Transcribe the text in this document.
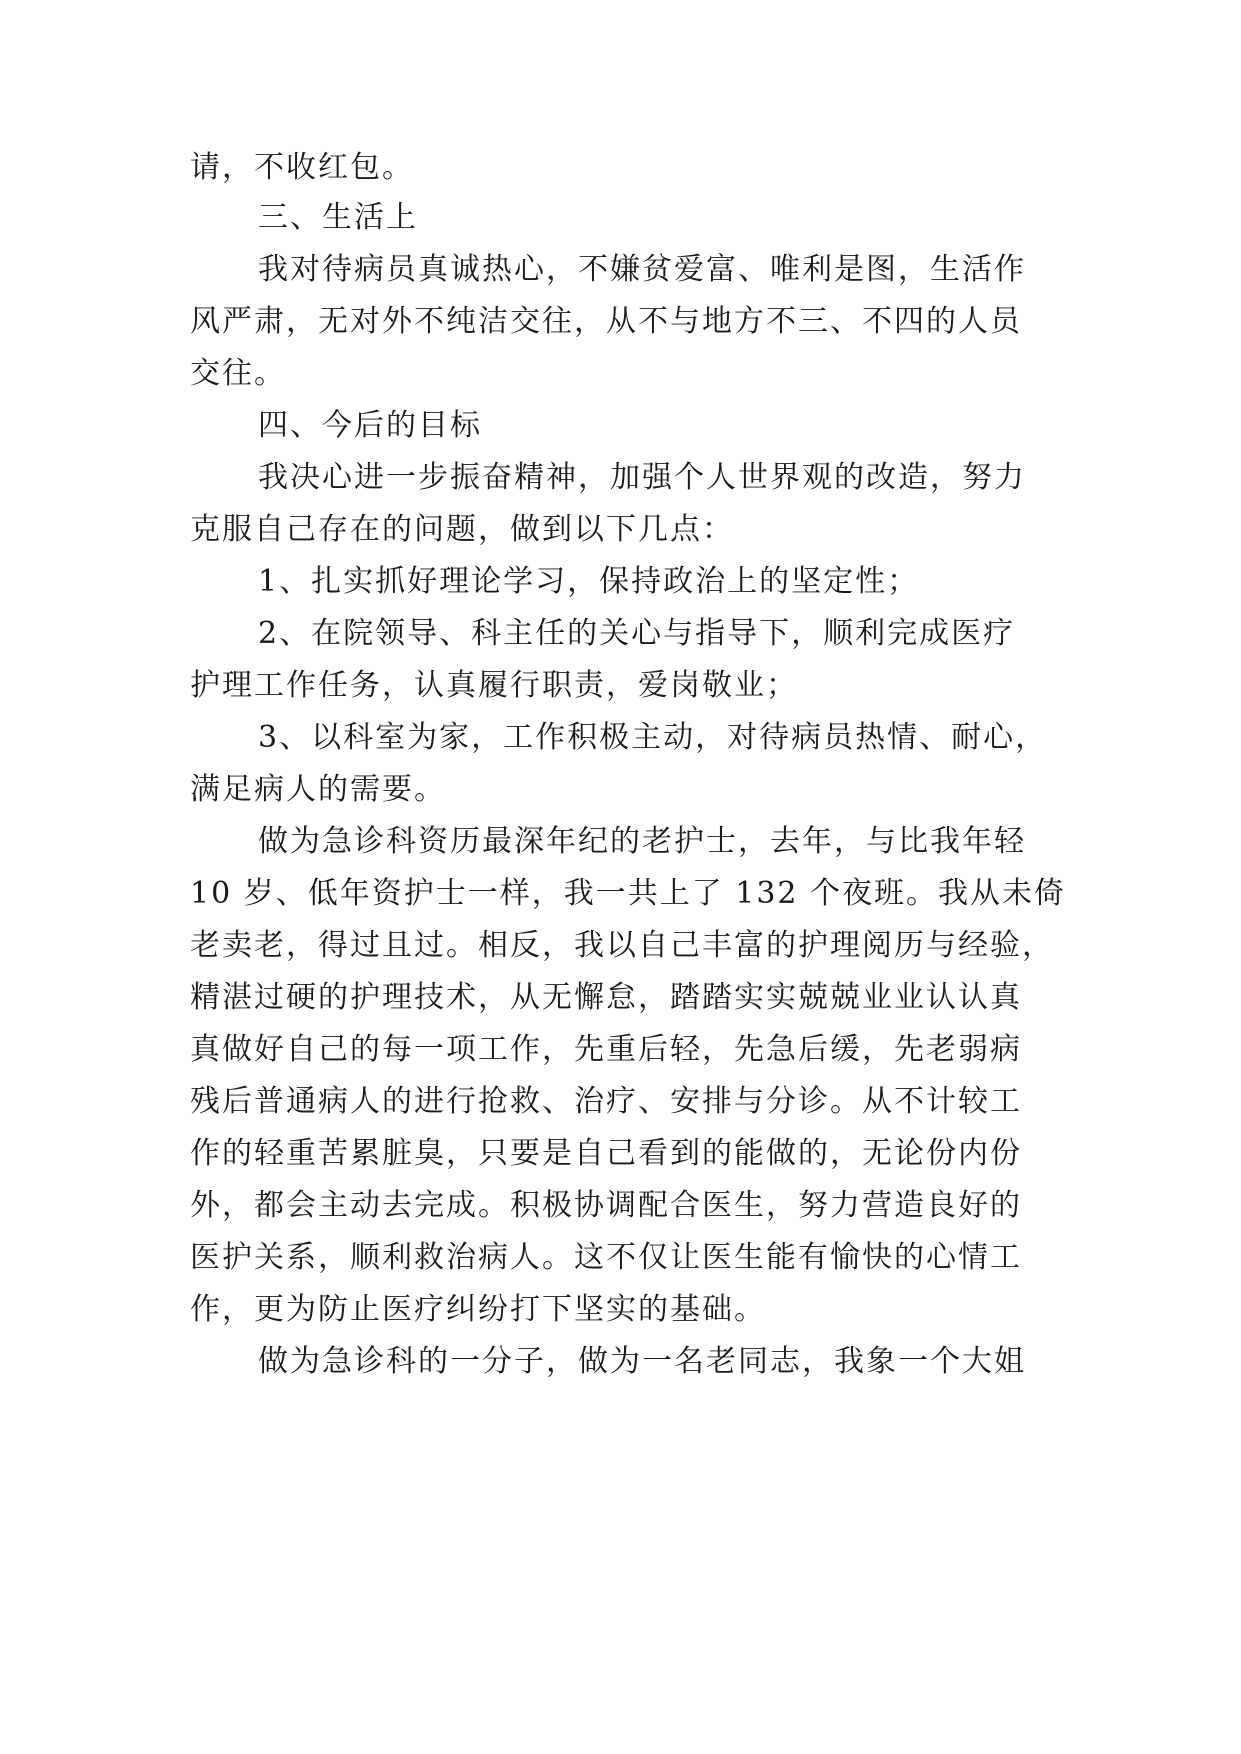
请，不收红包。
三、生活上
我对待病员真诚热心，不嫌贫爱富、唯利是图，生活作
风严肃，无对外不纯洁交往，从不与地方不三、不四的人员
交往。
四、今后的目标
我决心进一步振奋精神，加强个人世界观的改造，努力
克服自己存在的问题，做到以下几点：
1、扎实抓好理论学习，保持政治上的坚定性；
2、在院领导、科主任的关心与指导下，顺利完成医疗
护理工作任务，认真履行职责，爱岗敬业；
3、以科室为家，工作积极主动，对待病员热情、耐心，
满足病人的需要。
做为急诊科资历最深年纪的老护士，去年，与比我年轻
10 岁、低年资护士一样，我一共上了 132 个夜班。我从未倚
老卖老，得过且过。相反，我以自己丰富的护理阅历与经验，
精湛过硬的护理技术，从无懈怠，踏踏实实兢兢业业认认真
真做好自己的每一项工作，先重后轻，先急后缓，先老弱病
残后普通病人的进行抢救、治疗、安排与分诊。从不计较工
作的轻重苦累脏臭，只要是自己看到的能做的，无论份内份
外，都会主动去完成。积极协调配合医生，努力营造良好的
医护关系，顺利救治病人。这不仅让医生能有愉快的心情工
作，更为防止医疗纠纷打下坚实的基础。
做为急诊科的一分子，做为一名老同志，我象一个大姐
